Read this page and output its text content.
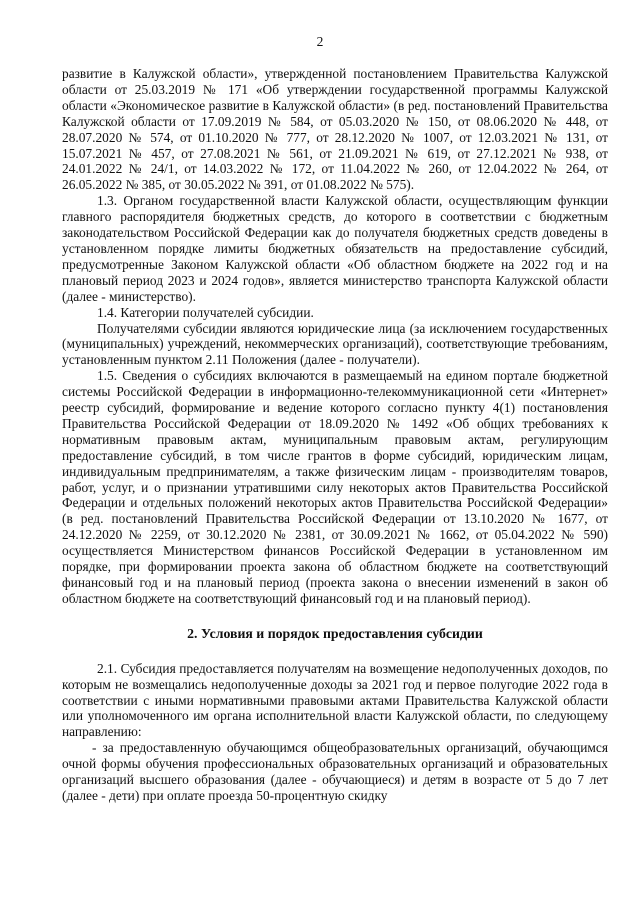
2

развитие в Калужской области», утвержденной постановлением Правительства Калужской области от 25.03.2019 № 171 «Об утверждении государственной программы Калужской области «Экономическое развитие в Калужской области» (в ред. постановлений Правительства Калужской области от 17.09.2019 № 584, от 05.03.2020 № 150, от 08.06.2020 № 448, от 28.07.2020 № 574, от 01.10.2020 № 777, от 28.12.2020 № 1007, от 12.03.2021 № 131, от 15.07.2021 № 457, от 27.08.2021 № 561, от 21.09.2021 № 619, от 27.12.2021 № 938, от 24.01.2022 № 24/1, от 14.03.2022 № 172, от 11.04.2022 № 260, от 12.04.2022 № 264, от 26.05.2022 № 385, от 30.05.2022 № 391, от 01.08.2022 № 575).

1.3. Органом государственной власти Калужской области, осуществляющим функции главного распорядителя бюджетных средств, до которого в соответствии с бюджетным законодательством Российской Федерации как до получателя бюджетных средств доведены в установленном порядке лимиты бюджетных обязательств на предоставление субсидий, предусмотренные Законом Калужской области «Об областном бюджете на 2022 год и на плановый период 2023 и 2024 годов», является министерство транспорта Калужской области (далее - министерство).

1.4. Категории получателей субсидии.

Получателями субсидии являются юридические лица (за исключением государственных (муниципальных) учреждений, некоммерческих организаций), соответствующие требованиям, установленным пунктом 2.11 Положения (далее - получатели).

1.5. Сведения о субсидиях включаются в размещаемый на едином портале бюджетной системы Российской Федерации в информационно-телекоммуникационной сети «Интернет» реестр субсидий, формирование и ведение которого согласно пункту 4(1) постановления Правительства Российской Федерации от 18.09.2020 № 1492 «Об общих требованиях к нормативным правовым актам, муниципальным правовым актам, регулирующим предоставление субсидий, в том числе грантов в форме субсидий, юридическим лицам, индивидуальным предпринимателям, а также физическим лицам - производителям товаров, работ, услуг, и о признании утратившими силу некоторых актов Правительства Российской Федерации и отдельных положений некоторых актов Правительства Российской Федерации» (в ред. постановлений Правительства Российской Федерации от 13.10.2020 № 1677, от 24.12.2020 № 2259, от 30.12.2020 № 2381, от 30.09.2021 № 1662, от 05.04.2022 № 590) осуществляется Министерством финансов Российской Федерации в установленном им порядке, при формировании проекта закона об областном бюджете на соответствующий финансовый год и на плановый период (проекта закона о внесении изменений в закон об областном бюджете на соответствующий финансовый год и на плановый период).

2. Условия и порядок предоставления субсидии

2.1. Субсидия предоставляется получателям на возмещение недополученных доходов, по которым не возмещались недополученные доходы за 2021 год и первое полугодие 2022 года в соответствии с иными нормативными правовыми актами Правительства Калужской области или уполномоченного им органа исполнительной власти Калужской области, по следующему направлению:

- за предоставленную обучающимся общеобразовательных организаций, обучающимся очной формы обучения профессиональных образовательных организаций и образовательных организаций высшего образования (далее - обучающиеся) и детям в возрасте от 5 до 7 лет (далее - дети) при оплате проезда 50-процентную скидку
